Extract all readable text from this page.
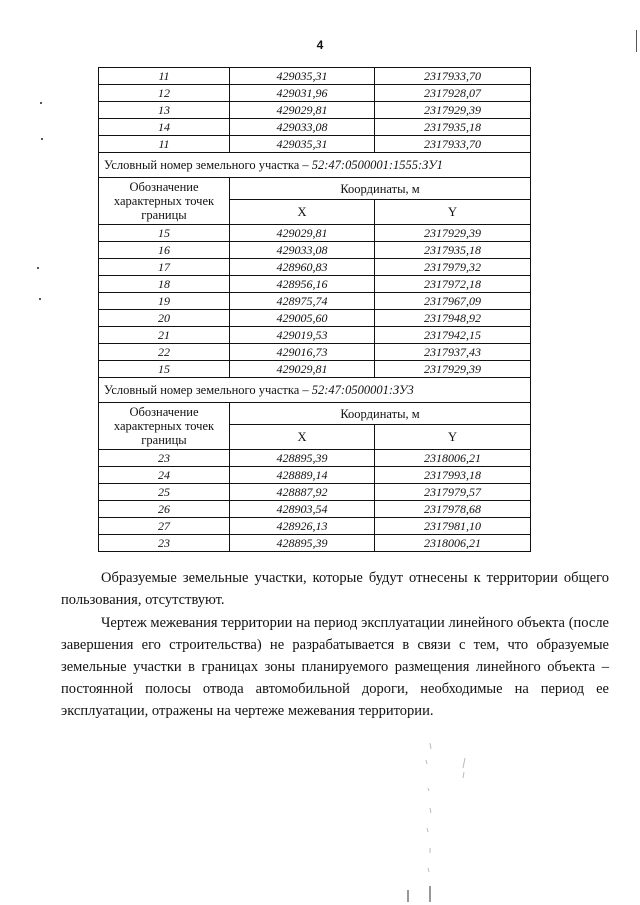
4
11	429035,31	2317933,70
12	429031,96	2317928,07
13	429029,81	2317929,39
14	429033,08	2317935,18
11	429035,31	2317933,70
Условный номер земельного участка – 52:47:0500001:1555:ЗУ1		
Обозначение характерных точек границы	Координаты, м	
	X	Y
15	429029,81	2317929,39
16	429033,08	2317935,18
17	428960,83	2317979,32
18	428956,16	2317972,18
19	428975,74	2317967,09
20	429005,60	2317948,92
21	429019,53	2317942,15
22	429016,73	2317937,43
15	429029,81	2317929,39
Условный номер земельного участка – 52:47:0500001:ЗУ3		
Обозначение характерных точек границы	Координаты, м	
	X	Y
23	428895,39	2318006,21
24	428889,14	2317993,18
25	428887,92	2317979,57
26	428903,54	2317978,68
27	428926,13	2317981,10
23	428895,39	2318006,21

Образуемые земельные участки, которые будут отнесены к территории общего пользования, отсутствуют.

Чертеж межевания территории на период эксплуатации линейного объекта (после завершения его строительства) не разрабатывается в связи с тем, что образуемые земельные участки в границах зоны планируемого размещения линейного объекта – постоянной полосы отвода автомобильной дороги, необходимые на период ее эксплуатации, отражены на чертеже межевания территории.
